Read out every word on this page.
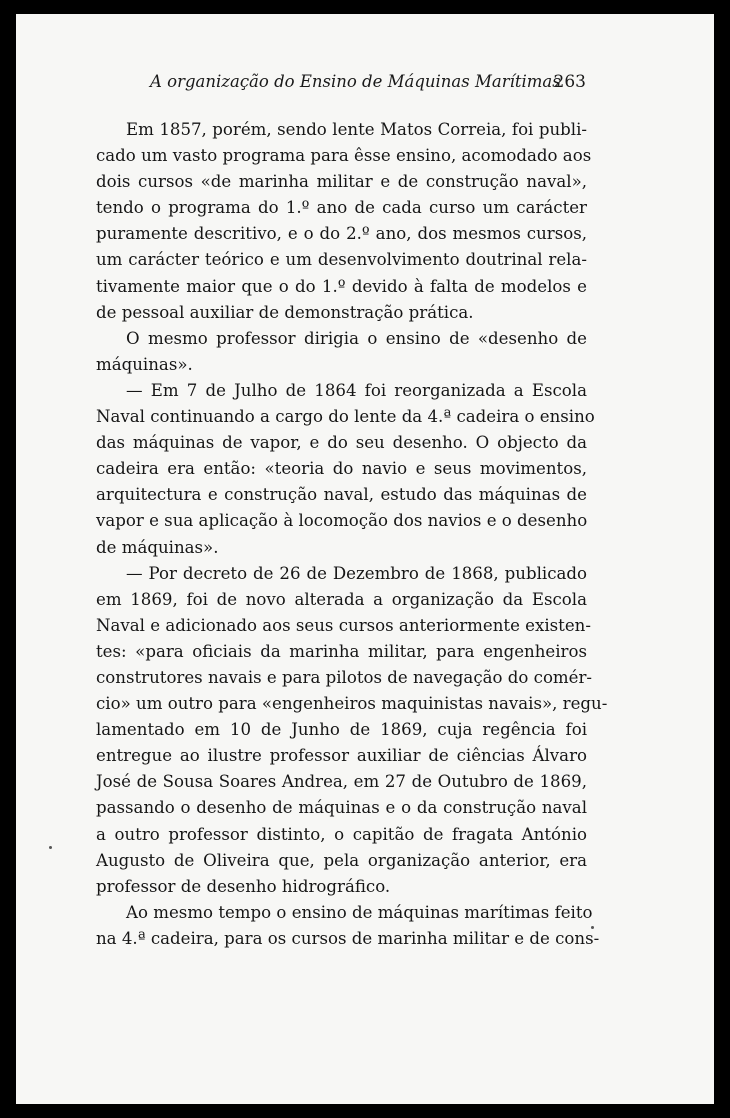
A organização do Ensino de Máquinas Marítimas
263
Em 1857, porém, sendo lente Matos Correia, foi publi-
cado um vasto programa para êsse ensino, acomodado aos
dois cursos «de marinha militar e de construção naval»,
tendo o programa do 1.º ano de cada curso um carácter
puramente descritivo, e o do 2.º ano, dos mesmos cursos,
um carácter teórico e um desenvolvimento doutrinal rela-
tivamente maior que o do 1.º devido à falta de modelos e
de pessoal auxiliar de demonstração prática.
O mesmo professor dirigia o ensino de «desenho de
máquinas».
— Em 7 de Julho de 1864 foi reorganizada a Escola
Naval continuando a cargo do lente da 4.ª cadeira o ensino
das máquinas de vapor, e do seu desenho. O objecto da
cadeira era então: «teoria do navio e seus movimentos,
arquitectura e construção naval, estudo das máquinas de
vapor e sua aplicação à locomoção dos navios e o desenho
de máquinas».
— Por decreto de 26 de Dezembro de 1868, publicado
em 1869, foi de novo alterada a organização da Escola
Naval e adicionado aos seus cursos anteriormente existen-
tes: «para oficiais da marinha militar, para engenheiros
construtores navais e para pilotos de navegação do comér-
cio» um outro para «engenheiros maquinistas navais», regu-
lamentado em 10 de Junho de 1869, cuja regência foi
entregue ao ilustre professor auxiliar de ciências Álvaro
José de Sousa Soares Andrea, em 27 de Outubro de 1869,
passando o desenho de máquinas e o da construção naval
a outro professor distinto, o capitão de fragata António
Augusto de Oliveira que, pela organização anterior, era
professor de desenho hidrográfico.
Ao mesmo tempo o ensino de máquinas marítimas feito
na 4.ª cadeira, para os cursos de marinha militar e de cons-
